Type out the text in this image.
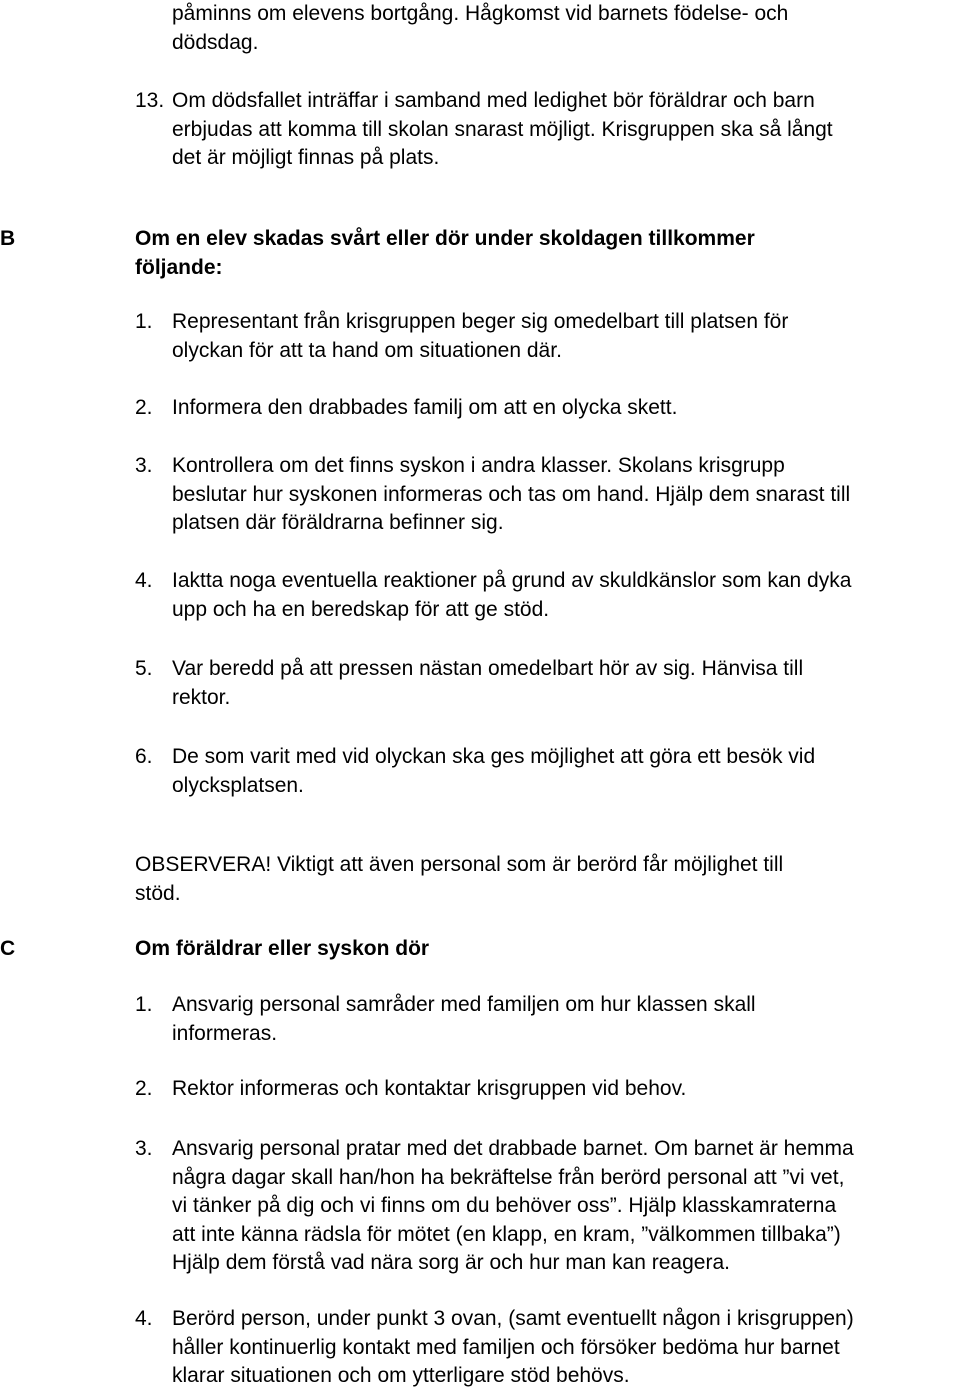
påminns om elevens bortgång. Hågkomst vid barnets födelse- och
dödsdag.
13. Om dödsfallet inträffar i samband med ledighet bör föräldrar och barn
erbjudas att komma till skolan snarast möjligt. Krisgruppen ska så långt
det är möjligt finnas på plats.
B	Om en elev skadas svårt eller dör under skoldagen tillkommer
följande:
1. Representant från krisgruppen beger sig omedelbart till platsen för
olyckan för att ta hand om situationen där.
2. Informera den drabbades familj om att en olycka skett.
3. Kontrollera om det finns syskon i andra klasser. Skolans krisgrupp
beslutar hur syskonen informeras och tas om hand. Hjälp dem snarast till
platsen där föräldrarna befinner sig.
4. Iaktta noga eventuella reaktioner på grund av skuldkänslor som kan dyka
upp och ha en beredskap för att ge stöd.
5. Var beredd på att pressen nästan omedelbart hör av sig. Hänvisa till
rektor.
6. De som varit med vid olyckan ska ges möjlighet att göra ett besök vid
olycksplatsen.
OBSERVERA! Viktigt att även personal som är berörd får möjlighet till
stöd.
C	Om föräldrar eller syskon dör
1. Ansvarig personal samråder med familjen om hur klassen skall
informeras.
2. Rektor informeras och kontaktar krisgruppen vid behov.
3. Ansvarig personal pratar med det drabbade barnet. Om barnet är hemma
några dagar skall han/hon ha bekräftelse från berörd personal att ”vi vet,
vi tänker på dig och vi finns om du behöver oss”. Hjälp klasskamraterna
att inte känna rädsla för mötet (en klapp, en kram, ”välkommen tillbaka”)
Hjälp dem förstå vad nära sorg är och hur man kan reagera.
4. Berörd person, under punkt 3 ovan, (samt eventuellt någon i krisgruppen)
håller kontinuerlig kontakt med familjen och försöker bedöma hur barnet
klarar situationen och om ytterligare stöd behövs.
